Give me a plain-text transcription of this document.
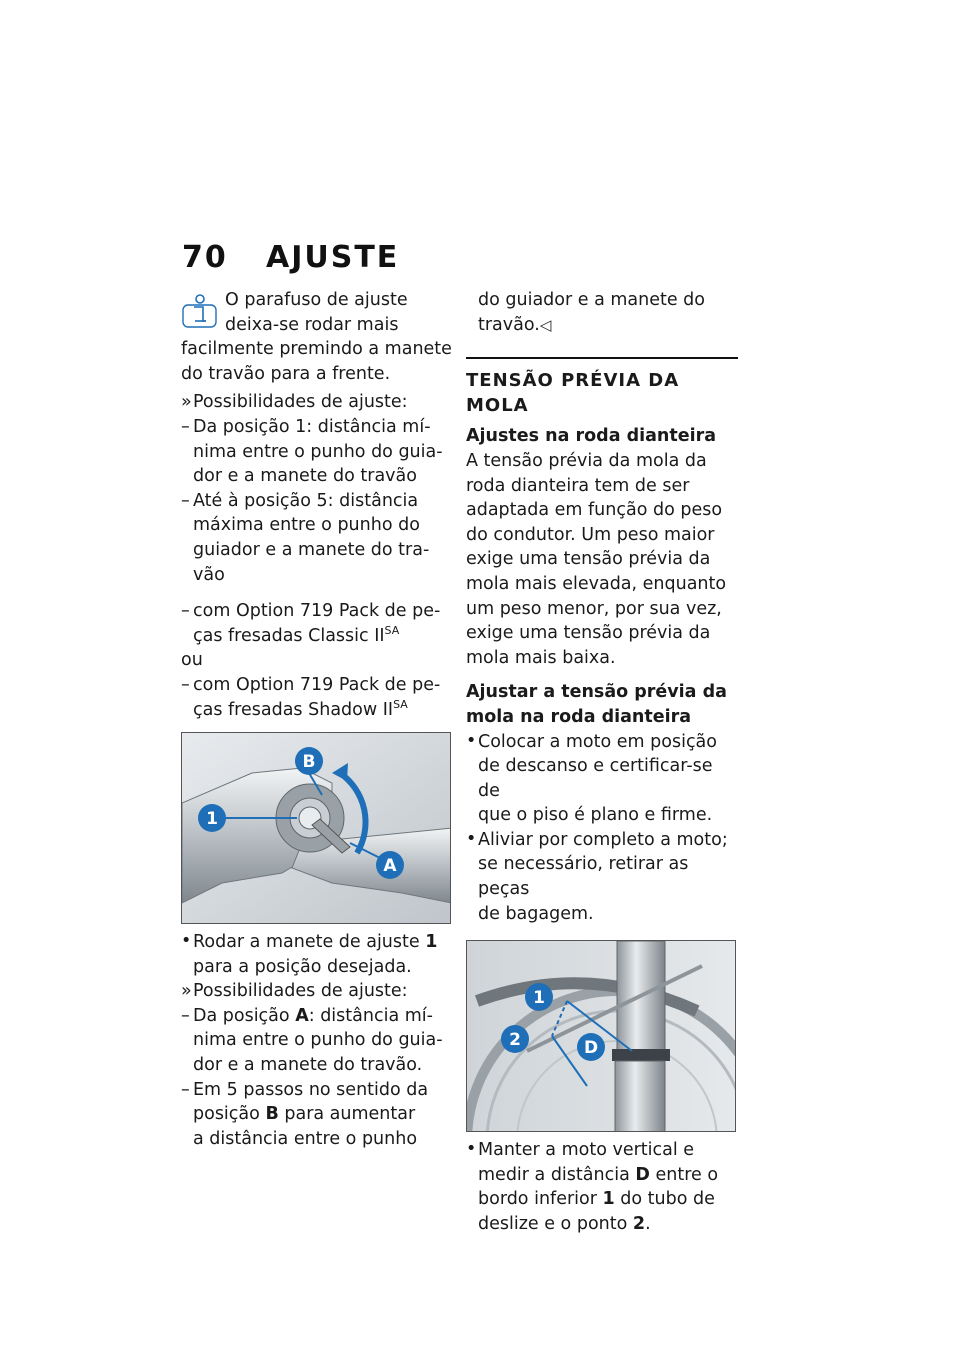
70 AJUSTE

O parafuso de ajuste

deixa-se rodar mais

facilmente premindo a manete

do travão para a frente.

» Possibilidades de ajuste:
– Da posição 1: distância mí-

nima entre o punho do guia-

dor e a manete do travão

– Até à posição 5: distância

máxima entre o punho do

guiador e a manete do tra-

vão

– com Option 719 Pack de pe-

ças fresadas Classic $II^{SA}$

ou

– com Option 719 Pack de pe-

ças fresadas Shadow $II^{SA}$

B
1
A
• Rodar a manete de ajuste 1

para a posição desejada.

» Possibilidades de ajuste:
– Da posição A: distância mí-

nima entre o punho do guia-

dor e a manete do travão.

– Em 5 passos no sentido da

posição B para aumentar

a distância entre o punho

do guiador e a manete do

travão.◁

TENSÃO PRÉVIA DA MOLA

Ajustes na roda dianteira

A tensão prévia da mola da

roda dianteira tem de ser

adaptada em função do peso

do condutor. Um peso maior

exige uma tensão prévia da

mola mais elevada, enquanto

um peso menor, por sua vez,

exige uma tensão prévia da

mola mais baixa.

Ajustar a tensão prévia da

mola na roda dianteira

• Colocar a moto em posição

de descanso e certificar-se de

que o piso é plano e firme.

• Aliviar por completo a moto;

se necessário, retirar as peças

de bagagem.

1
2	D
• Manter a moto vertical e

medir a distância D entre o

bordo inferior 1 do tubo de

deslize e o ponto 2.
